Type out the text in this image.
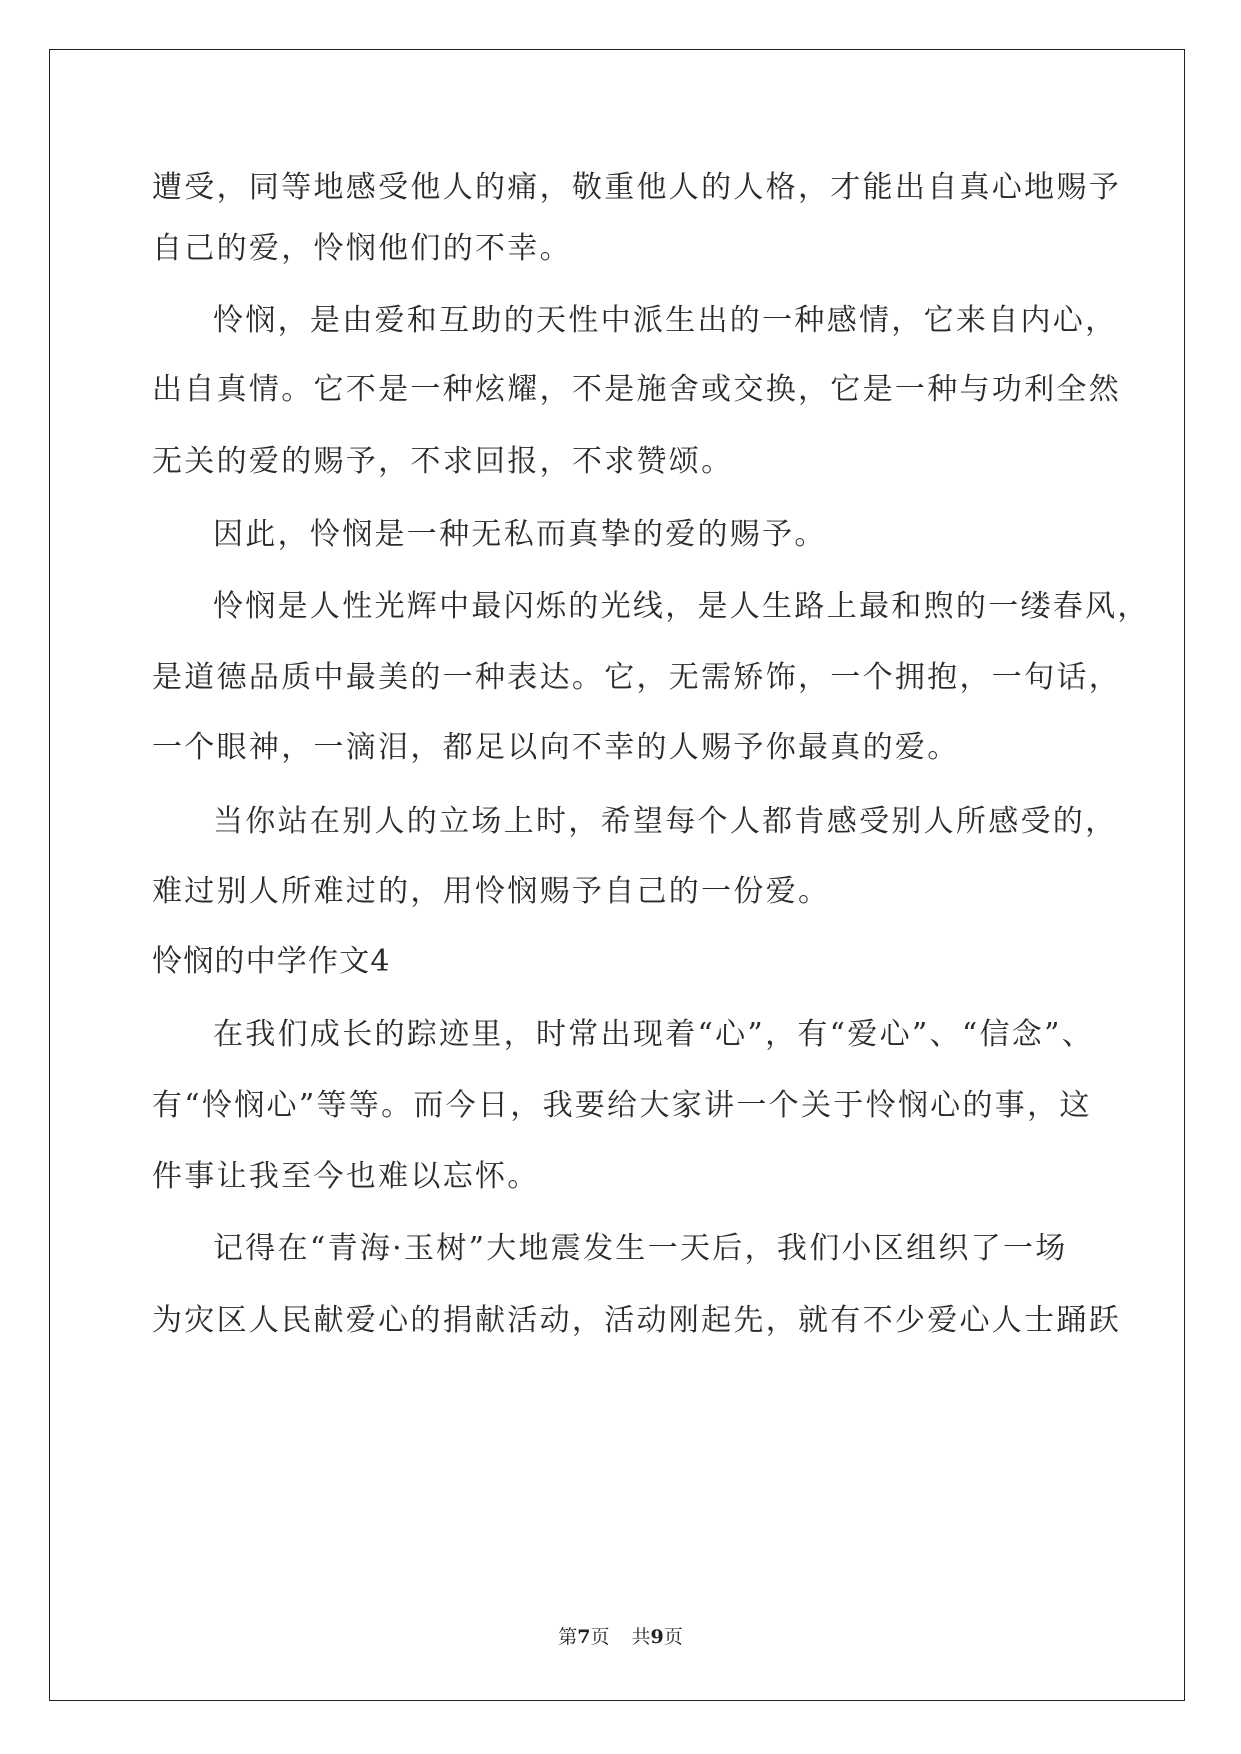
遭受，同等地感受他人的痛，敬重他人的人格，才能出自真心地赐予
自己的爱，怜悯他们的不幸。
怜悯，是由爱和互助的天性中派生出的一种感情，它来自内心，
出自真情。它不是一种炫耀，不是施舍或交换，它是一种与功利全然
无关的爱的赐予，不求回报，不求赞颂。
因此，怜悯是一种无私而真挚的爱的赐予。
怜悯是人性光辉中最闪烁的光线，是人生路上最和煦的一缕春风，
是道德品质中最美的一种表达。它，无需矫饰，一个拥抱，一句话，
一个眼神，一滴泪，都足以向不幸的人赐予你最真的爱。
当你站在别人的立场上时，希望每个人都肯感受别人所感受的，
难过别人所难过的，用怜悯赐予自己的一份爱。
怜悯的中学作文4
在我们成长的踪迹里，时常出现着“心”，有“爱心”、“信念”、
有“怜悯心”等等。而今日，我要给大家讲一个关于怜悯心的事，这
件事让我至今也难以忘怀。
记得在“青海·玉树”大地震发生一天后，我们小区组织了一场
为灾区人民献爱心的捐献活动，活动刚起先，就有不少爱心人士踊跃
第7页 共9页
